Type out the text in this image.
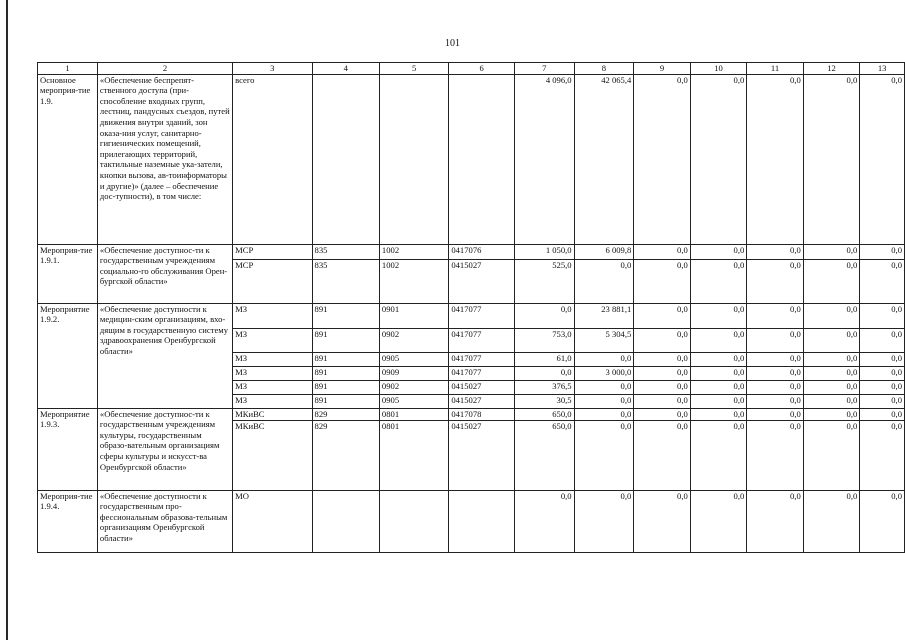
101
1	2	3	4	5	6	7	8	9	10	11	12	13
Основное мероприя-тие 1.9.	«Обеспечение беспрепят-ственного доступа (при-способление входных групп, лестниц, пандусных съездов, путей движения внутри зданий, зон оказа-ния услуг, санитарно-гигиенических помещений, прилегающих территорий, тактильные наземные ука-затели, кнопки вызова, ав-тоинформаторы и другие)» (далее – обеспечение дос-тупности), в том числе:	всего				4 096,0	42 065,4	0,0	0,0	0,0	0,0	0,0
Мероприя-тие 1.9.1.	«Обеспечение доступнос-ти к государственным учреждениям социально-го обслуживания Орен-бургской области»	МСР	835	1002	0417076	1 050,0	6 009,8	0,0	0,0	0,0	0,0	0,0
		МСР	835	1002	0415027	525,0	0,0	0,0	0,0	0,0	0,0	0,0
Мероприятие 1.9.2.	«Обеспечение доступности к медицин-ским организациям, вхо-дящим в государственную систему здравоохранения Оренбургской области»	МЗ	891	0901	0417077	0,0	23 881,1	0,0	0,0	0,0	0,0	0,0
		МЗ	891	0902	0417077	753,0	5 304,5	0,0	0,0	0,0	0,0	0,0
		МЗ	891	0905	0417077	61,0	0,0	0,0	0,0	0,0	0,0	0,0
		МЗ	891	0909	0417077	0,0	3 000,0	0,0	0,0	0,0	0,0	0,0
		МЗ	891	0902	0415027	376,5	0,0	0,0	0,0	0,0	0,0	0,0
		МЗ	891	0905	0415027	30,5	0,0	0,0	0,0	0,0	0,0	0,0
Мероприятие 1.9.3.	«Обеспечение доступнос-ти к государственным учреждениям культуры, государственным образо-вательным организациям сферы культуры и искусст-ва Оренбургской области»	МКиВС	829	0801	0417078	650,0	0,0	0,0	0,0	0,0	0,0	0,0
		МКиВС	829	0801	0415027	650,0	0,0	0,0	0,0	0,0	0,0	0,0
Мероприя-тие 1.9.4.	«Обеспечение доступности к государственным про-фессиональным образова-тельным организациям Оренбургской области»	МО				0,0	0,0	0,0	0,0	0,0	0,0	0,0
